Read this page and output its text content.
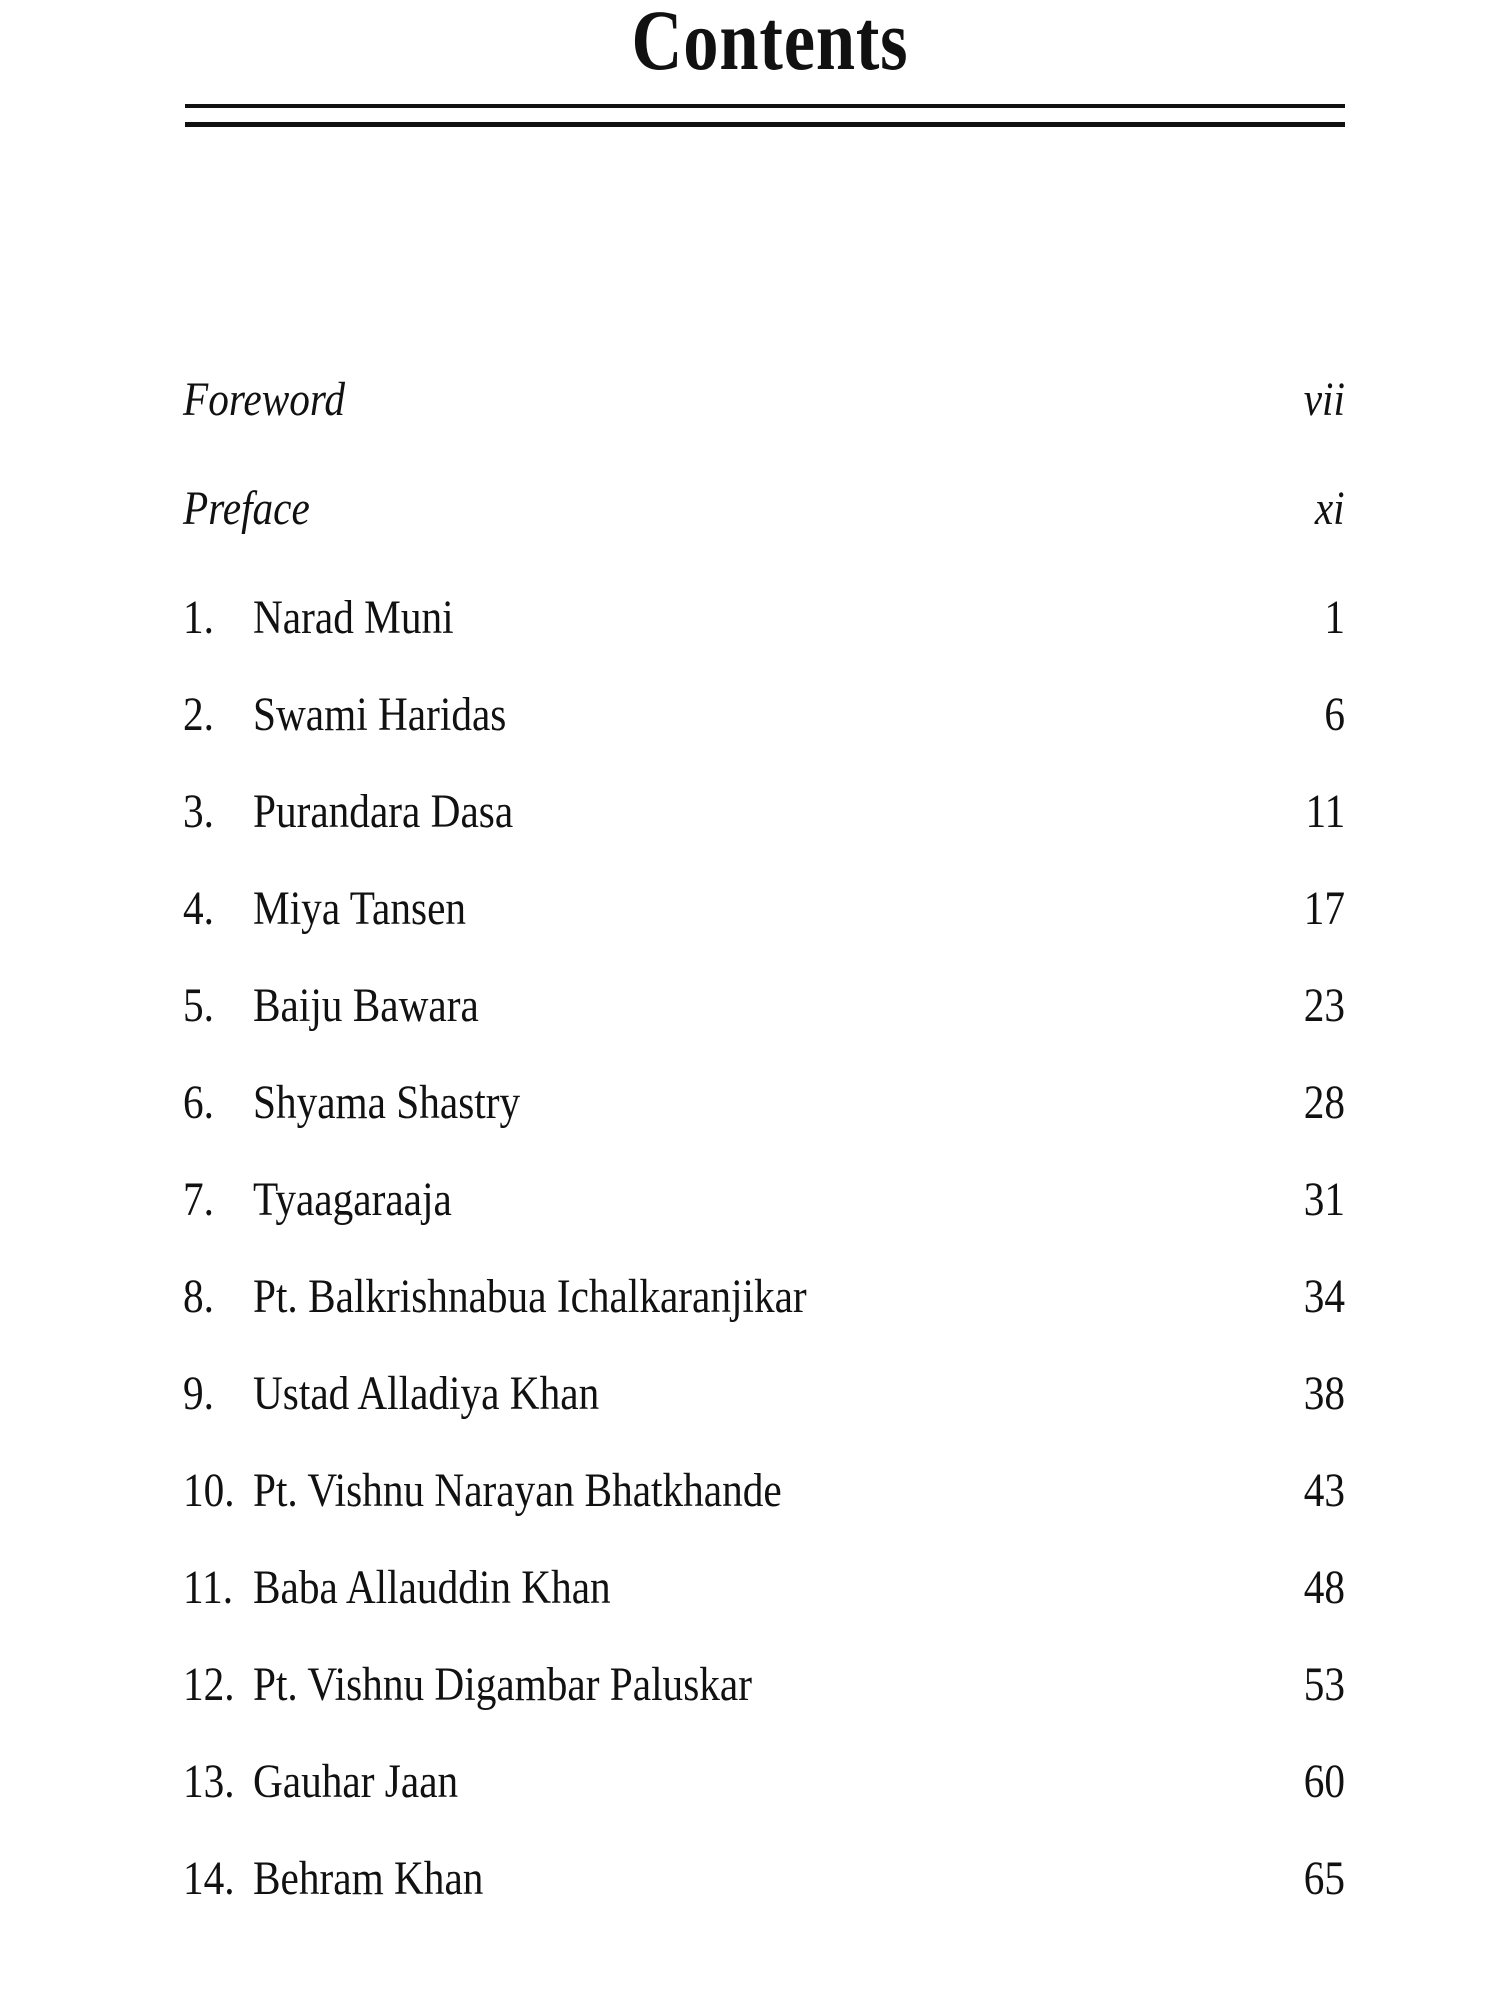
Contents
Foreword	vii
Preface	xi
1. Narad Muni	1
2. Swami Haridas	6
3. Purandara Dasa	11
4. Miya Tansen	17
5. Baiju Bawara	23
6. Shyama Shastry	28
7. Tyaagaraaja	31
8. Pt. Balkrishnabua Ichalkaranjikar	34
9. Ustad Alladiya Khan	38
10. Pt. Vishnu Narayan Bhatkhande	43
11. Baba Allauddin Khan	48
12. Pt. Vishnu Digambar Paluskar	53
13. Gauhar Jaan	60
14. Behram Khan	65
